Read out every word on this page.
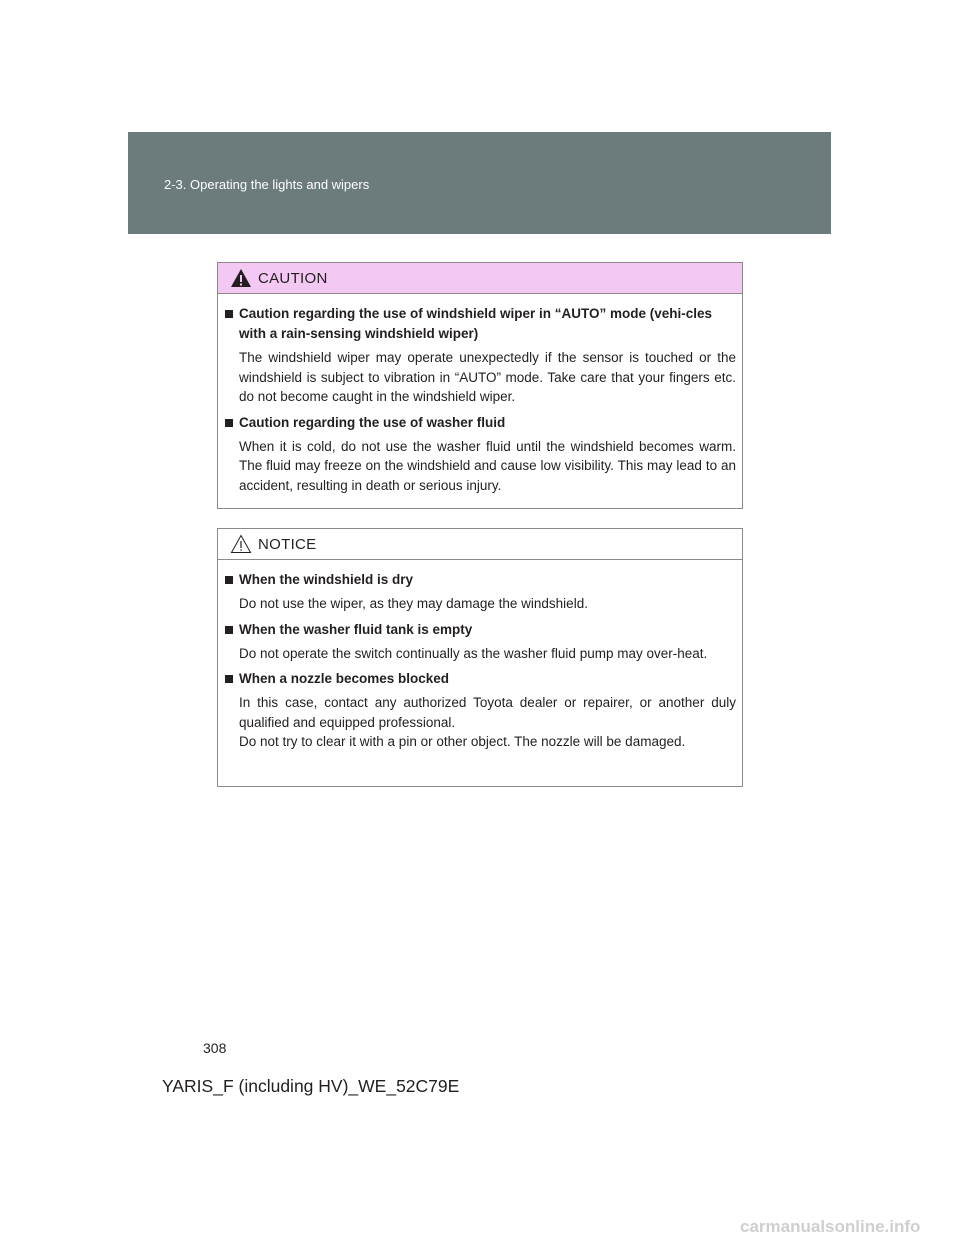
2-3. Operating the lights and wipers
CAUTION
Caution regarding the use of windshield wiper in “AUTO” mode (vehi-cles with a rain-sensing windshield wiper)
The windshield wiper may operate unexpectedly if the sensor is touched or the windshield is subject to vibration in “AUTO” mode. Take care that your fingers etc. do not become caught in the windshield wiper.
Caution regarding the use of washer fluid
When it is cold, do not use the washer fluid until the windshield becomes warm. The fluid may freeze on the windshield and cause low visibility. This may lead to an accident, resulting in death or serious injury.
NOTICE
When the windshield is dry
Do not use the wiper, as they may damage the windshield.
When the washer fluid tank is empty
Do not operate the switch continually as the washer fluid pump may over-heat.
When a nozzle becomes blocked
In this case, contact any authorized Toyota dealer or repairer, or another duly qualified and equipped professional.
Do not try to clear it with a pin or other object. The nozzle will be damaged.
308
YARIS_F (including HV)_WE_52C79E
carmanualsonline.info
